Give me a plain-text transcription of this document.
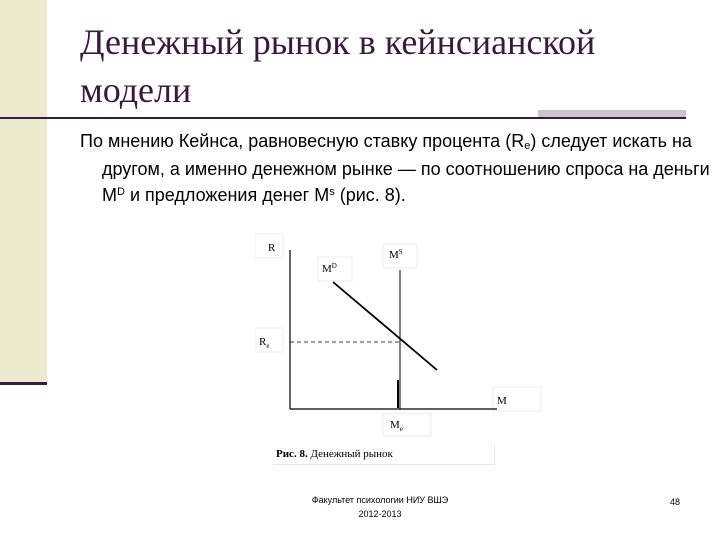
Денежный рынок в кейнсианской модели

По мнению Кейнса, равновесную ставку процента (Re) следует искать на другом, а именно денежном рынке — по соотношению спроса на деньги $M^D$ и предложения денег $M^s$ (рис. 8).

R
M
$M^D$
$M^S$
$R_e$
$M_e$
Рис. 8. Денежный рынок
Факультет психологии НИУ ВШЭ
2012-2013
48
